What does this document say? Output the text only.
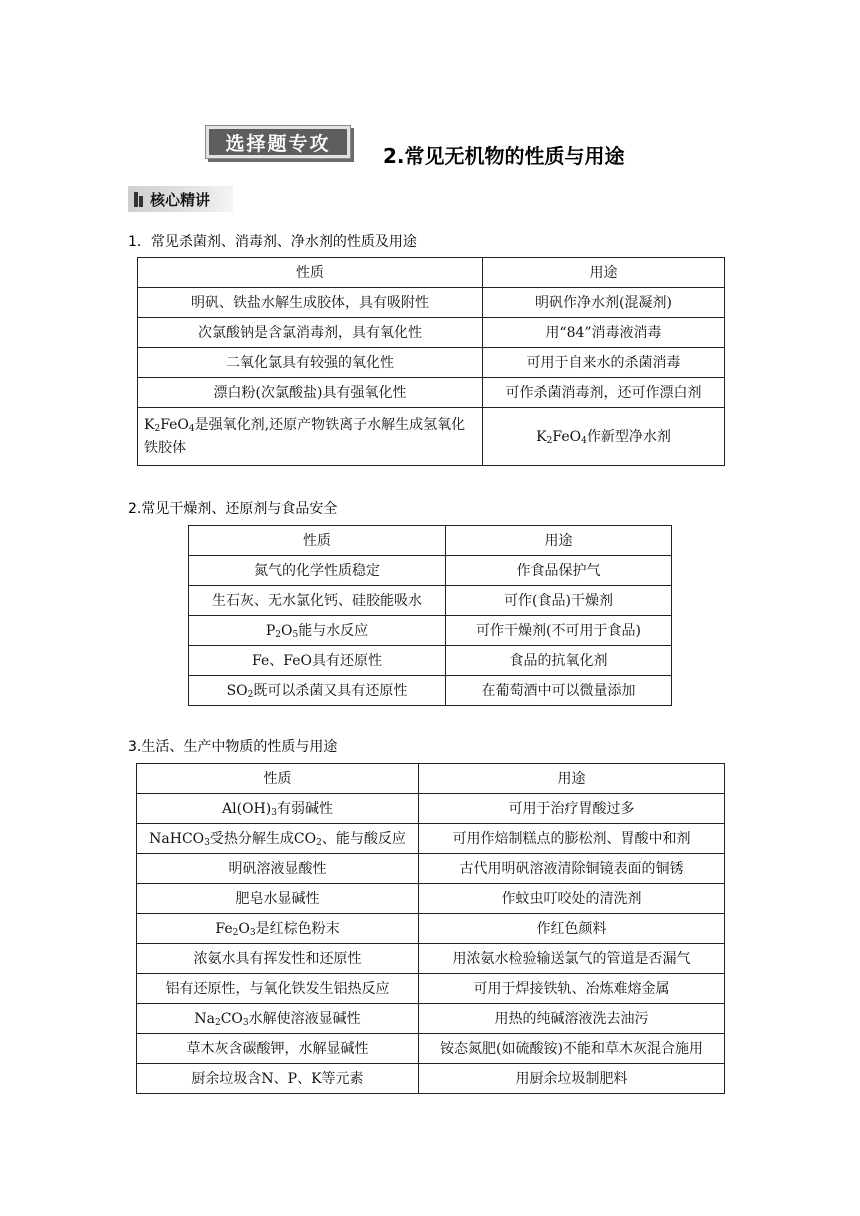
选择题专攻
2.常见无机物的性质与用途
核心精讲
1．常见杀菌剂、消毒剂、净水剂的性质及用途
性质	用途
明矾、铁盐水解生成胶体，具有吸附性	明矾作净水剂(混凝剂)
次氯酸钠是含氯消毒剂，具有氧化性	用“84”消毒液消毒
二氧化氯具有较强的氧化性	可用于自来水的杀菌消毒
漂白粉(次氯酸盐)具有强氧化性	可作杀菌消毒剂，还可作漂白剂
$K_2FeO_4$是强氧化剂,还原产物铁离子水解生成氢氧化铁胶体	$K_2FeO_4$作新型净水剂
2.常见干燥剂、还原剂与食品安全
性质	用途
氮气的化学性质稳定	作食品保护气
生石灰、无水氯化钙、硅胶能吸水	可作(食品)干燥剂
$P_2O_5$能与水反应	可作干燥剂(不可用于食品)
Fe、FeO具有还原性	食品的抗氧化剂
$SO_2$既可以杀菌又具有还原性	在葡萄酒中可以微量添加
3.生活、生产中物质的性质与用途
性质	用途
$Al(OH)_3$有弱碱性	可用于治疗胃酸过多
NaHCO$_3$受热分解生成$CO_2$、能与酸反应	可用作焙制糕点的膨松剂、胃酸中和剂
明矾溶液显酸性	古代用明矾溶液清除铜镜表面的铜锈
肥皂水显碱性	作蚊虫叮咬处的清洗剂
$Fe_2O_3$是红棕色粉末	作红色颜料
浓氨水具有挥发性和还原性	用浓氨水检验输送氯气的管道是否漏气
铝有还原性，与氧化铁发生铝热反应	可用于焊接铁轨、冶炼难熔金属
$Na_2CO_3$水解使溶液显碱性	用热的纯碱溶液洗去油污
草木灰含碳酸钾，水解显碱性	铵态氮肥(如硫酸铵)不能和草木灰混合施用
厨余垃圾含N、P、K等元素	用厨余垃圾制肥料
